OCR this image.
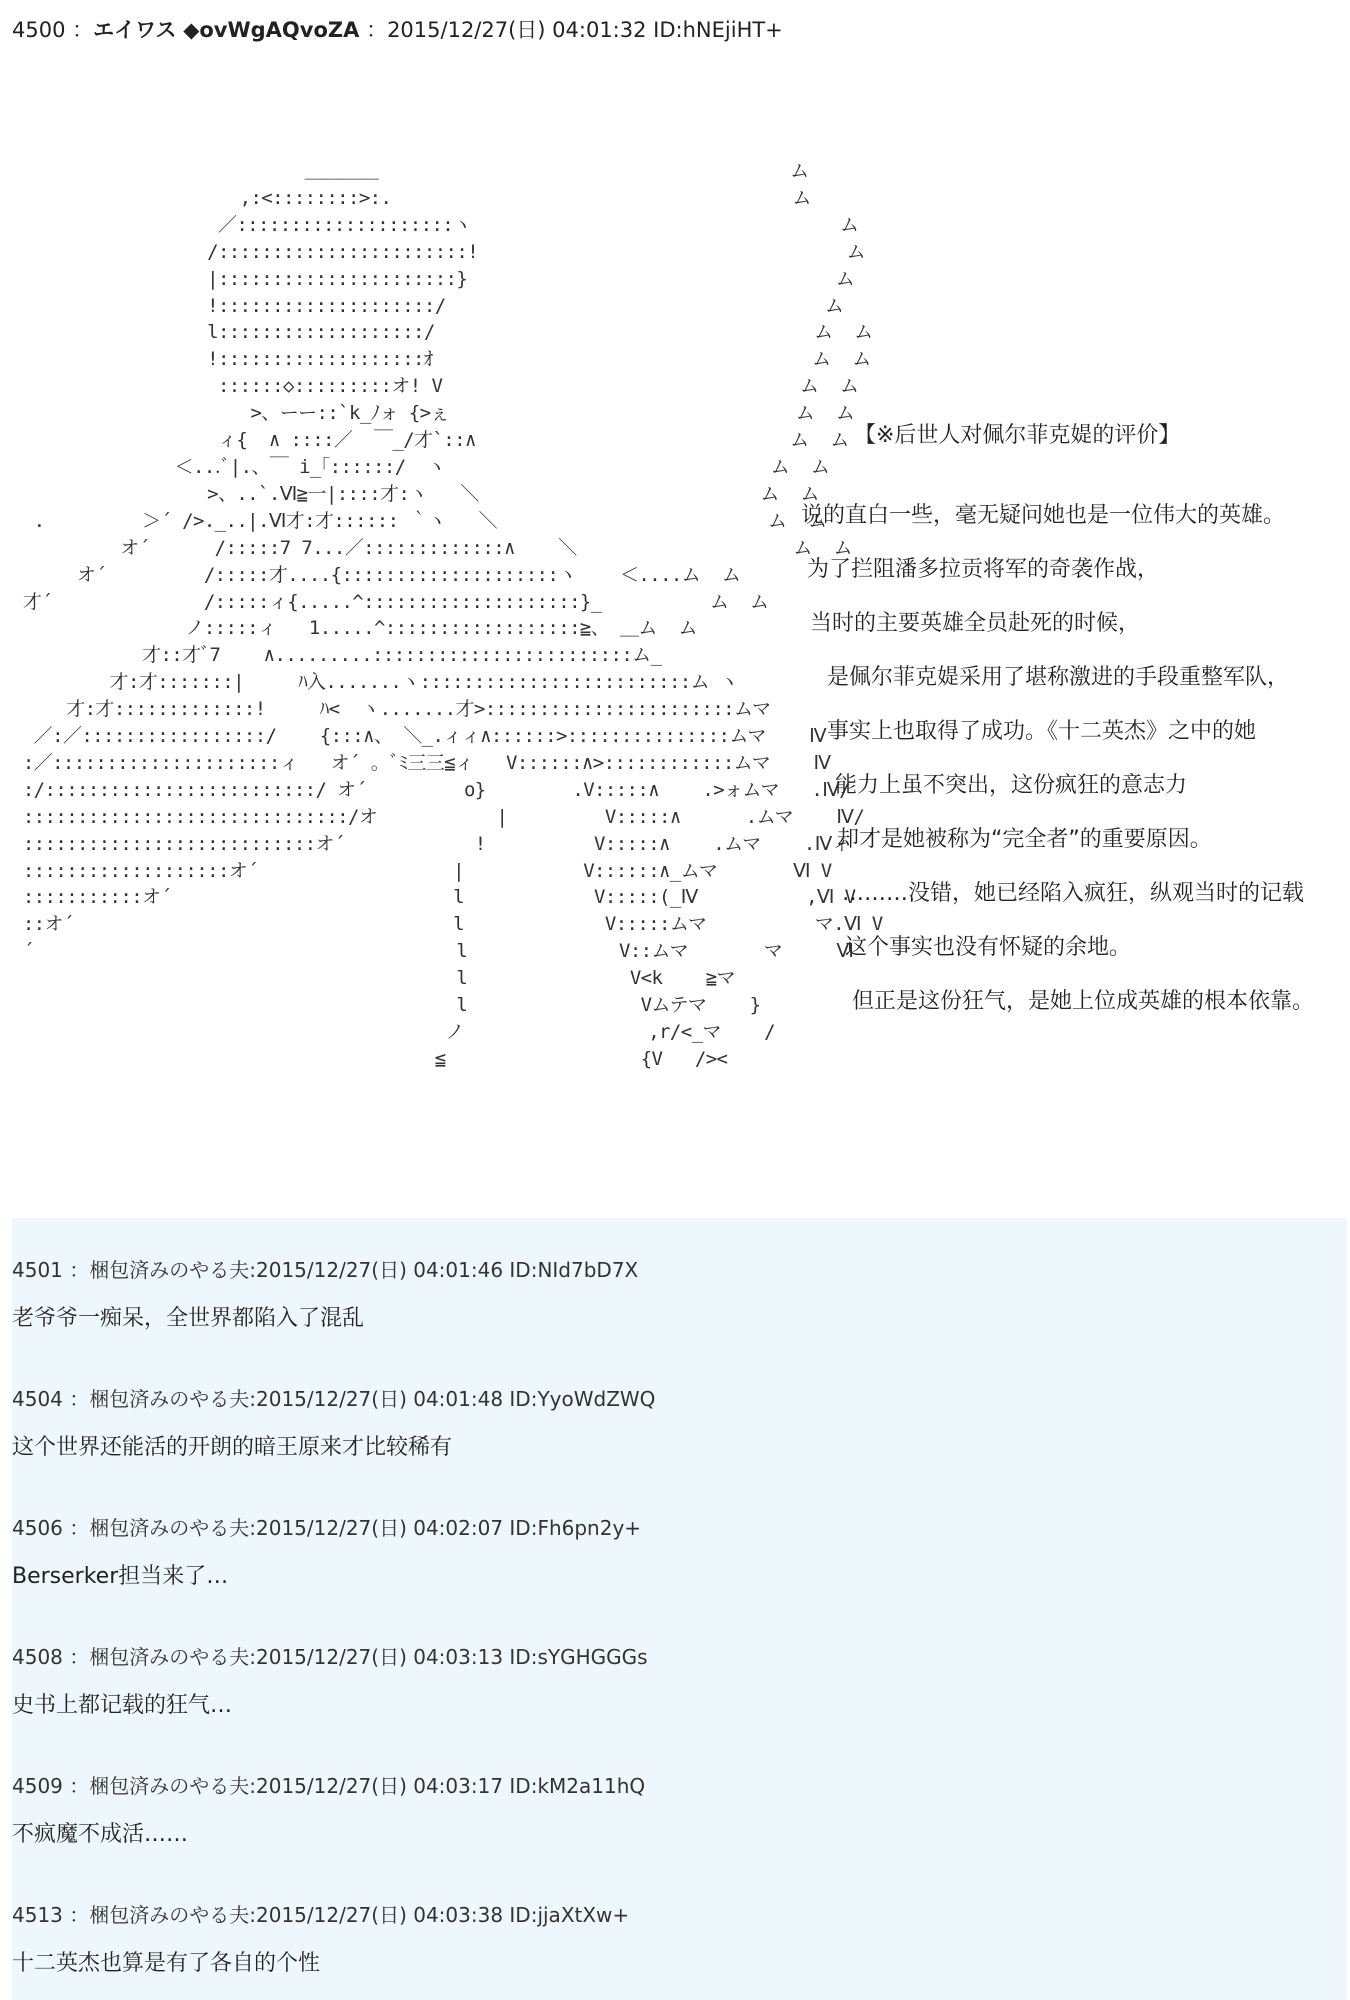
4500 ：エイワス ◆ovWgAQvoZA ：2015/12/27(日) 04:01:32 ID:hNEjiHT+
＿＿＿＿                                      ム
,:<::::::::>:.                                     ム
／::::::::::::::::::::ヽ                                  ム
/:::::::::::::::::::::::!                                  ム
|::::::::::::::::::::::}                                  ム
!::::::::::::::::::::/                                   ム
l:::::::::::::::::::/                                   ム  ム
!:::::::::::::::::::ｵ                                   ム  ム
::::::◇:::::::::オ! V                                 ム  ム
>、ーー::`k_ﾉォ {>ぇ                                ム  ム
ィ{  ∧ ::::／  ￣_/才`::∧                             ム  ム
＜...ﾞ|.、￣ i_｢::::::/  ヽ                              ム  ム
>、..`.Ⅵ≧一|::::才:ヽ   ＼                          ム  ム
.         ＞´ />._..|.Ⅵ才:才:::::: ｀ヽ   ＼                         ム  ム
オ´      /:::::7 7...／:::::::::::::∧    ＼                    ム  ム
オ´         /:::::才....{::::::::::::::::::::ヽ    ＜....ム  ム
才´              /:::::ィ{.....^::::::::::::::::::::}_          ム  ム
ノ:::::ィ   1.....^::::::::::::::::::≧、 ＿ム  ム
才::才ﾞ7    ∧.........::::::::::::::::::::::::ム_
才:才:::::::|     ﾊ入.......ヽ:::::::::::::::::::::::::ム ヽ
才:才:::::::::::::!     ﾊ<  ヽ.......才>:::::::::::::::::::::::ムマ
／:／:::::::::::::::::/    {:::∧、 ＼_.ィィ∧::::::>:::::::::::::::ムマ    Ⅳ
:／:::::::::::::::::::::ィ   オ´ 。ﾞﾐ三三≦ィ   V::::::∧>::::::::::::ムマ    Ⅳ
:/:::::::::::::::::::::::::/ オ´         o}        .V:::::∧    .>ォムマ   .Ⅳ/
::::::::::::::::::::::::::::::/オ           |         V:::::∧      .ムマ    Ⅳ/
:::::::::::::::::::::::::::オ´            !          V:::::∧    .ムマ    .Ⅳィ
:::::::::::::::::::オ´                  |           V::::::∧_ムマ       Ⅵ V
:::::::::::オ´                          l            V:::::(_Ⅳ          ,Ⅵ V
::オ´                                   l             V:::::ムマ          マ.Ⅵ V
´                                       l              V::ムマ       マ     Ⅵ
l               V<k    ≧マ
l                Vムテマ    }
ノ                 ,r/<_マ    /
≦                  {V   /><

【※后世人对佩尔菲克媞的评价】
说的直白一些，毫无疑问她也是一位伟大的英雄。
为了拦阻潘多拉贡将军的奇袭作战，
当时的主要英雄全员赴死的时候，
是佩尔菲克媞采用了堪称激进的手段重整军队，
事实上也取得了成功。《十二英杰》之中的她
能力上虽不突出，这份疯狂的意志力
却才是她被称为“完全者”的重要原因。
………没错，她已经陷入疯狂，纵观当时的记载
这个事实也没有怀疑的余地。
但正是这份狂气，是她上位成英雄的根本依靠。
4501 ：梱包済みのやる夫:2015/12/27(日) 04:01:46 ID:NId7bD7X
老爷爷一痴呆，全世界都陷入了混乱
4504 ：梱包済みのやる夫:2015/12/27(日) 04:01:48 ID:YyoWdZWQ
这个世界还能活的开朗的暗王原来才比较稀有
4506 ：梱包済みのやる夫:2015/12/27(日) 04:02:07 ID:Fh6pn2y+
Berserker担当来了…
4508 ：梱包済みのやる夫:2015/12/27(日) 04:03:13 ID:sYGHGGGs
史书上都记载的狂气…
4509 ：梱包済みのやる夫:2015/12/27(日) 04:03:17 ID:kM2a11hQ
不疯魔不成活……
4513 ：梱包済みのやる夫:2015/12/27(日) 04:03:38 ID:jjaXtXw+
十二英杰也算是有了各自的个性
